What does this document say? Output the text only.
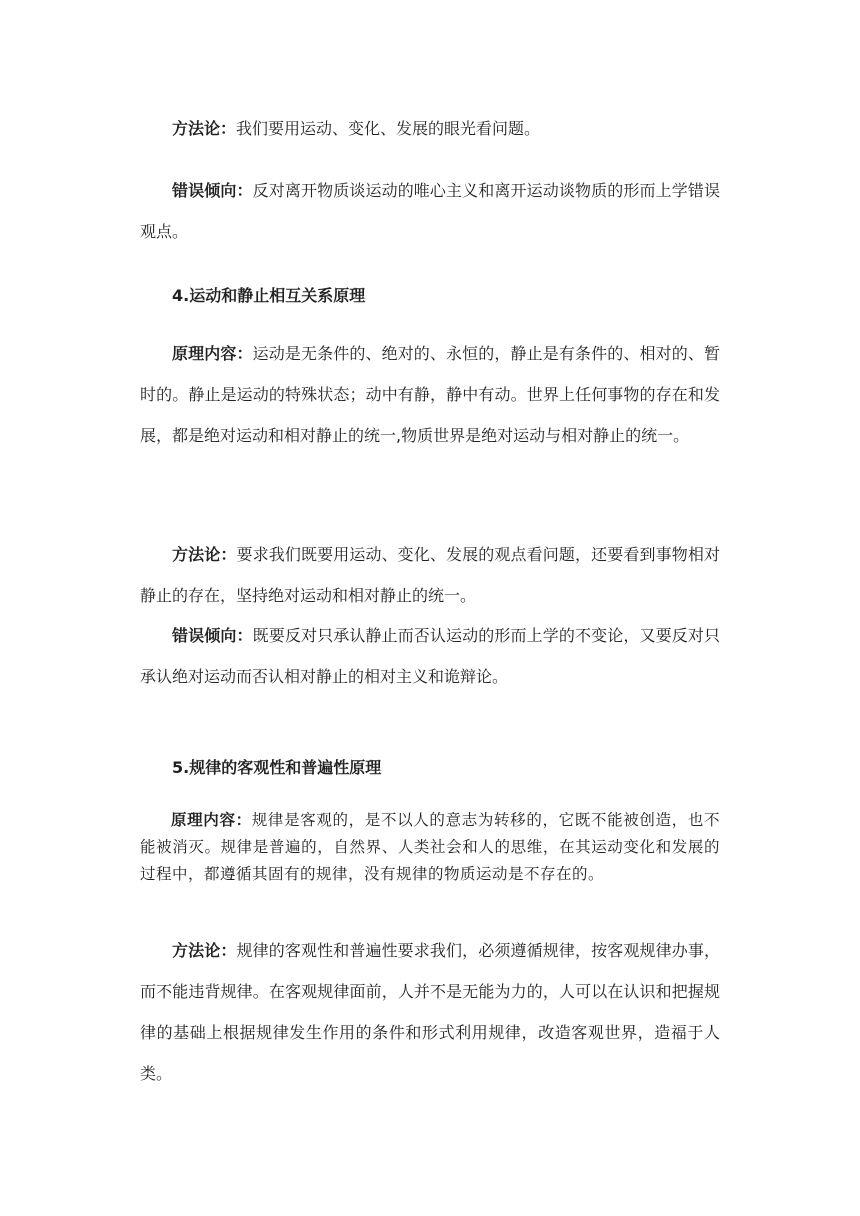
方法论：我们要用运动、变化、发展的眼光看问题。

错误倾向：反对离开物质谈运动的唯心主义和离开运动谈物质的形而上学错误观点。

4.运动和静止相互关系原理

原理内容：运动是无条件的、绝对的、永恒的，静止是有条件的、相对的、暂时的。静止是运动的特殊状态；动中有静，静中有动。世界上任何事物的存在和发展，都是绝对运动和相对静止的统一,物质世界是绝对运动与相对静止的统一。

方法论：要求我们既要用运动、变化、发展的观点看问题，还要看到事物相对静止的存在，坚持绝对运动和相对静止的统一。

错误倾向：既要反对只承认静止而否认运动的形而上学的不变论，又要反对只承认绝对运动而否认相对静止的相对主义和诡辩论。

5.规律的客观性和普遍性原理

原理内容：规律是客观的，是不以人的意志为转移的，它既不能被创造，也不能被消灭。规律是普遍的，自然界、人类社会和人的思维，在其运动变化和发展的过程中，都遵循其固有的规律，没有规律的物质运动是不存在的。

方法论：规律的客观性和普遍性要求我们，必须遵循规律，按客观规律办事，而不能违背规律。在客观规律面前，人并不是无能为力的，人可以在认识和把握规律的基础上根据规律发生作用的条件和形式利用规律，改造客观世界，造福于人类。
